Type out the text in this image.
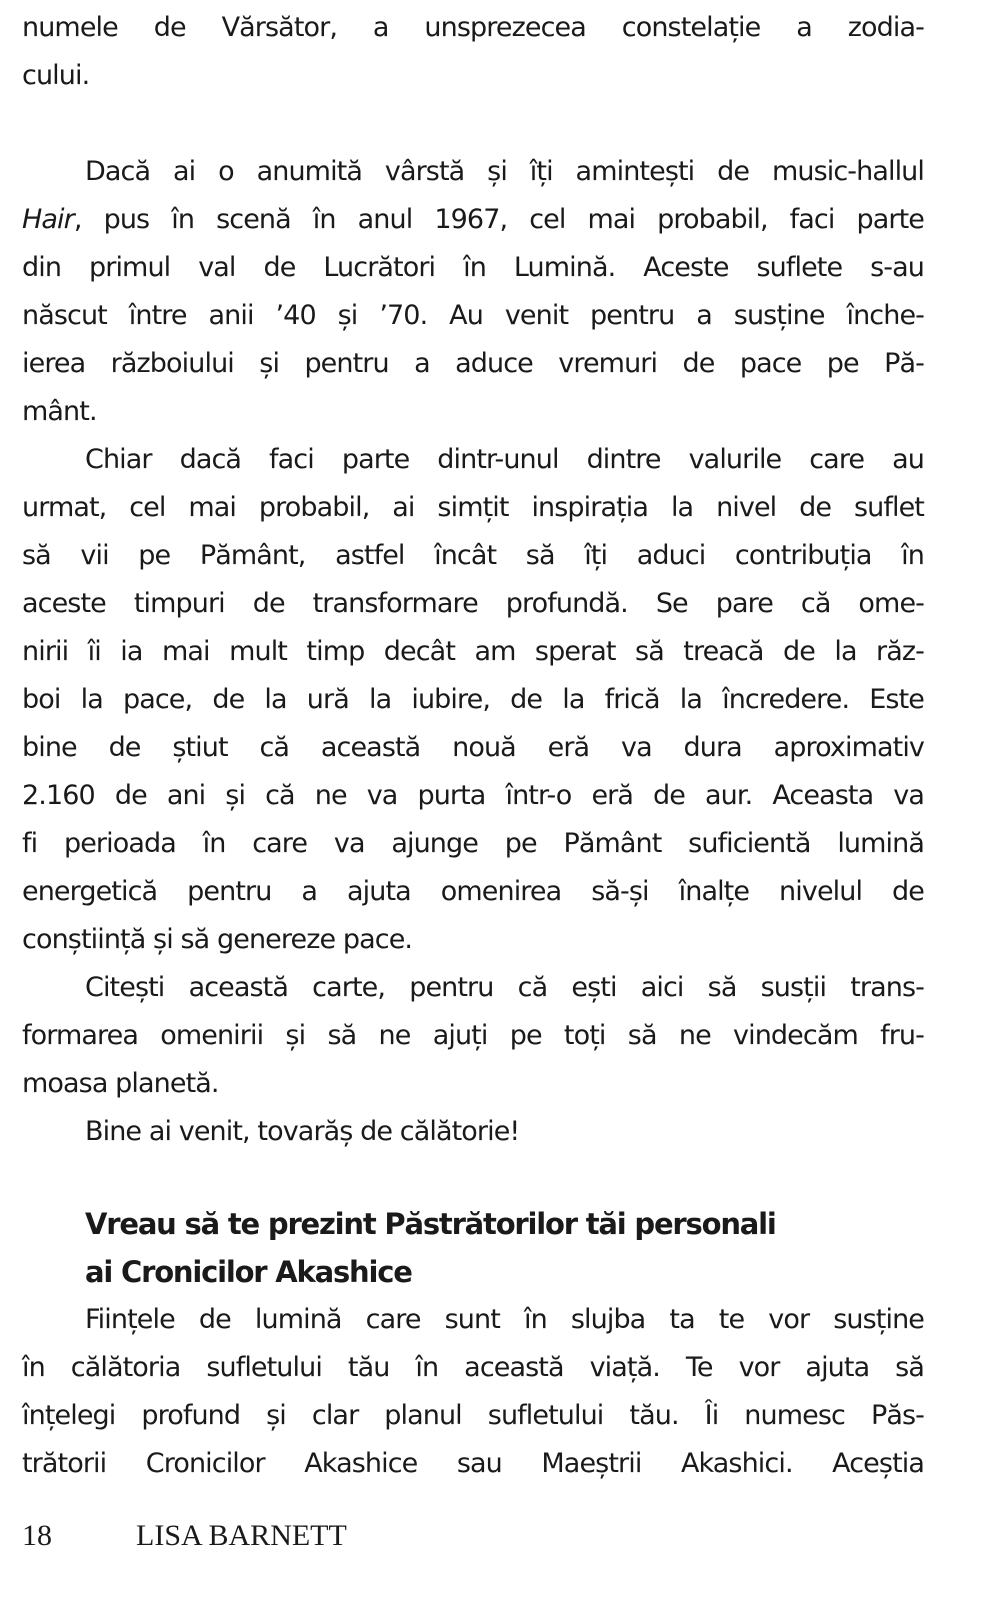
numele de Vărsător, a unsprezecea constelație a zodia-
cului.
Dacă ai o anumită vârstă și îți amintești de music-hallul
Hair, pus în scenă în anul 1967, cel mai probabil, faci parte
din primul val de Lucrători în Lumină. Aceste suflete s-au
născut între anii ’40 și ’70. Au venit pentru a susține înche-
ierea războiului și pentru a aduce vremuri de pace pe Pă-
mânt.
Chiar dacă faci parte dintr-unul dintre valurile care au
urmat, cel mai probabil, ai simțit inspirația la nivel de suflet
să vii pe Pământ, astfel încât să îți aduci contribuția în
aceste timpuri de transformare profundă. Se pare că ome-
nirii îi ia mai mult timp decât am sperat să treacă de la răz-
boi la pace, de la ură la iubire, de la frică la încredere. Este
bine de știut că această nouă eră va dura aproximativ
2.160 de ani și că ne va purta într-o eră de aur. Aceasta va
fi perioada în care va ajunge pe Pământ suficientă lumină
energetică pentru a ajuta omenirea să-și înalțe nivelul de
conștiință și să genereze pace.
Citești această carte, pentru că ești aici să susții trans-
formarea omenirii și să ne ajuți pe toți să ne vindecăm fru-
moasa planetă.
Bine ai venit, tovarăș de călătorie!
Vreau să te prezint Păstrătorilor tăi personali
ai Cronicilor Akashice
Ființele de lumină care sunt în slujba ta te vor susține
în călătoria sufletului tău în această viață. Te vor ajuta să
înțelegi profund și clar planul sufletului tău. Îi numesc Păs-
trătorii Cronicilor Akashice sau Maeștrii Akashici. Aceștia
18	LISA BARNETT
